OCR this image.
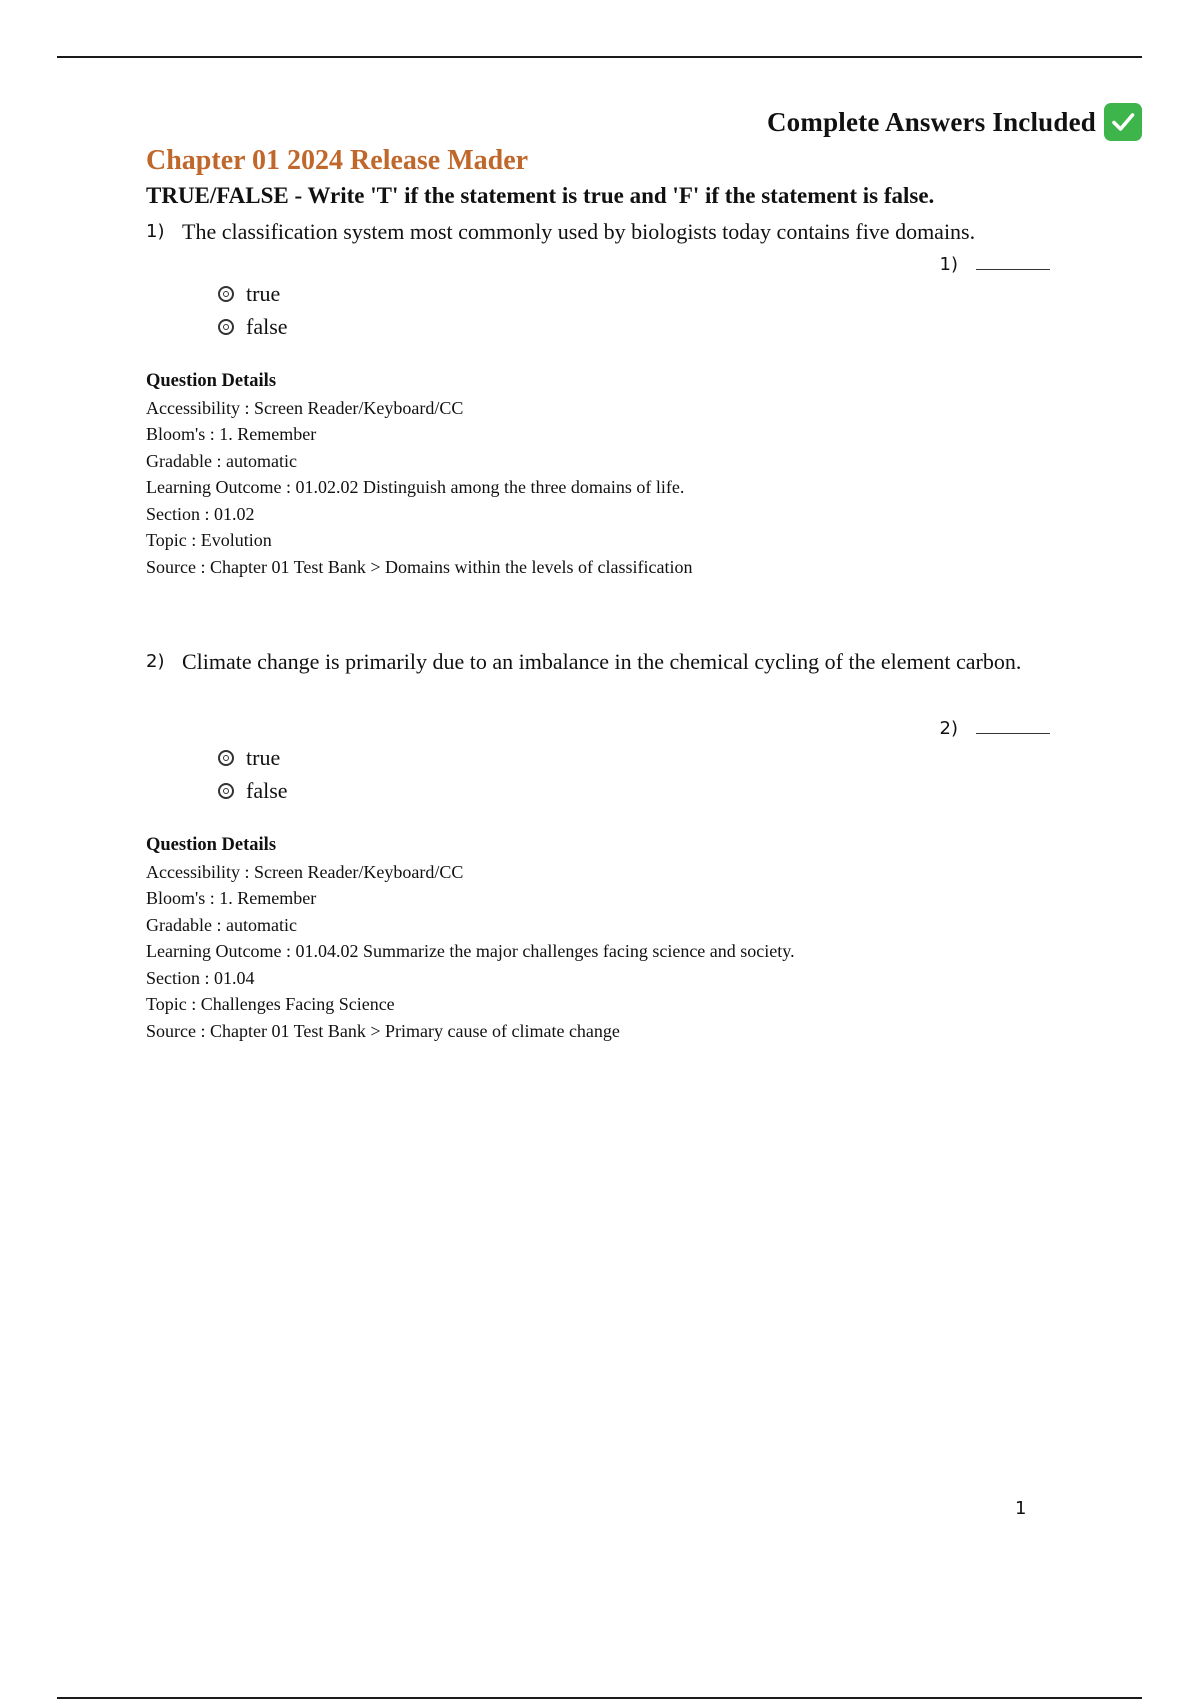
Complete Answers Included
Chapter 01 2024 Release Mader
TRUE/FALSE - Write 'T' if the statement is true and 'F' if the statement is false.
1) The classification system most commonly used by biologists today contains five domains.
1)
true
false
Question Details
Accessibility : Screen Reader/Keyboard/CC
Bloom's : 1. Remember
Gradable : automatic
Learning Outcome : 01.02.02 Distinguish among the three domains of life.
Section : 01.02
Topic : Evolution
Source : Chapter 01 Test Bank > Domains within the levels of classification
2) Climate change is primarily due to an imbalance in the chemical cycling of the element carbon.
2)
true
false
Question Details
Accessibility : Screen Reader/Keyboard/CC
Bloom's : 1. Remember
Gradable : automatic
Learning Outcome : 01.04.02 Summarize the major challenges facing science and society.
Section : 01.04
Topic : Challenges Facing Science
Source : Chapter 01 Test Bank > Primary cause of climate change
1
